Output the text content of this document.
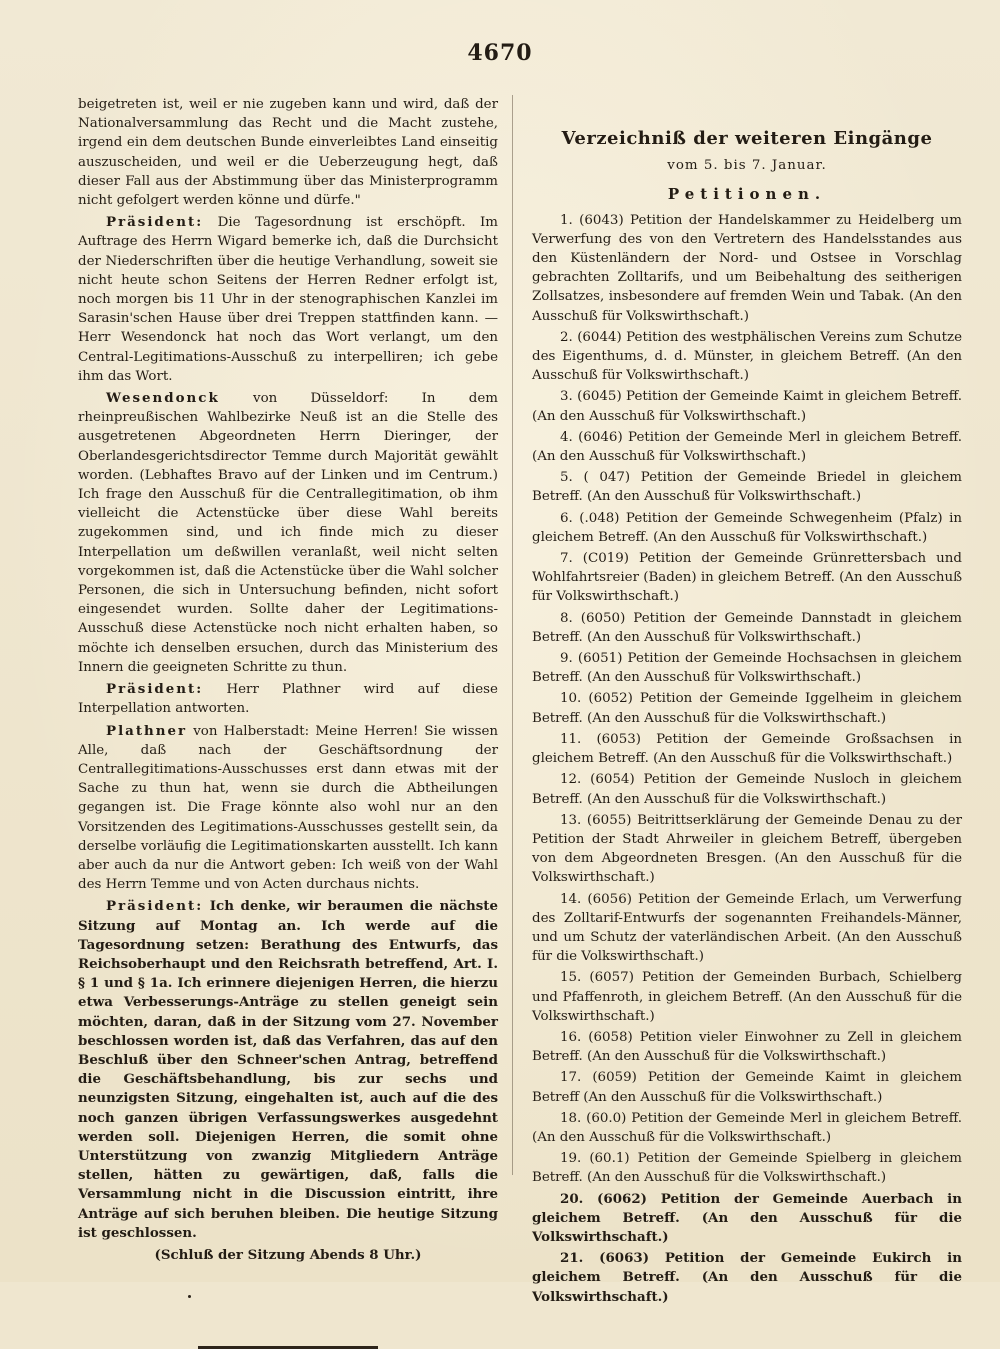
4670

beigetreten ist, weil er nie zugeben kann und wird, daß der Nationalversammlung das Recht und die Macht zustehe, irgend ein dem deutschen Bunde einverleibtes Land einseitig auszuscheiden, und weil er die Ueberzeugung hegt, daß dieser Fall aus der Abstimmung über das Ministerprogramm nicht gefolgert werden könne und dürfe."

Präsident: Die Tagesordnung ist erschöpft. Im Auftrage des Herrn Wigard bemerke ich, daß die Durchsicht der Niederschriften über die heutige Verhandlung, soweit sie nicht heute schon Seitens der Herren Redner erfolgt ist, noch morgen bis 11 Uhr in der stenographischen Kanzlei im Sarasin'schen Hause über drei Treppen stattfinden kann. — Herr Wesendonck hat noch das Wort verlangt, um den Central-Legitimations-Ausschuß zu interpelliren; ich gebe ihm das Wort.

Wesendonck von Düsseldorf: In dem rheinpreußischen Wahlbezirke Neuß ist an die Stelle des ausgetretenen Abgeordneten Herrn Dieringer, der Oberlandesgerichtsdirector Temme durch Majorität gewählt worden. (Lebhaftes Bravo auf der Linken und im Centrum.) Ich frage den Ausschuß für die Centrallegitimation, ob ihm vielleicht die Actenstücke über diese Wahl bereits zugekommen sind, und ich finde mich zu dieser Interpellation um deßwillen veranlaßt, weil nicht selten vorgekommen ist, daß die Actenstücke über die Wahl solcher Personen, die sich in Untersuchung befinden, nicht sofort eingesendet wurden. Sollte daher der Legitimations-Ausschuß diese Actenstücke noch nicht erhalten haben, so möchte ich denselben ersuchen, durch das Ministerium des Innern die geeigneten Schritte zu thun.

Präsident: Herr Plathner wird auf diese Interpellation antworten.

Plathner von Halberstadt: Meine Herren! Sie wissen Alle, daß nach der Geschäftsordnung der Centrallegitimations-Ausschusses erst dann etwas mit der Sache zu thun hat, wenn sie durch die Abtheilungen gegangen ist. Die Frage könnte also wohl nur an den Vorsitzenden des Legitimations-Ausschusses gestellt sein, da derselbe vorläufig die Legitimationskarten ausstellt. Ich kann aber auch da nur die Antwort geben: Ich weiß von der Wahl des Herrn Temme und von Acten durchaus nichts.

Präsident: Ich denke, wir beraumen die nächste Sitzung auf Montag an. Ich werde auf die Tagesordnung setzen: Berathung des Entwurfs, das Reichsoberhaupt und den Reichsrath betreffend, Art. I. § 1 und § 1a. Ich erinnere diejenigen Herren, die hierzu etwa Verbesserungs-Anträge zu stellen geneigt sein möchten, daran, daß in der Sitzung vom 27. November beschlossen worden ist, daß das Verfahren, das auf den Beschluß über den Schneer'schen Antrag, betreffend die Geschäftsbehandlung, bis zur sechs und neunzigsten Sitzung, eingehalten ist, auch auf die des noch ganzen übrigen Verfassungswerkes ausgedehnt werden soll. Diejenigen Herren, die somit ohne Unterstützung von zwanzig Mitgliedern Anträge stellen, hätten zu gewärtigen, daß, falls die Versammlung nicht in die Discussion eintritt, ihre Anträge auf sich beruhen bleiben. Die heutige Sitzung ist geschlossen.

(Schluß der Sitzung Abends 8 Uhr.)

Verzeichniß der weiteren Eingänge
vom 5. bis 7. Januar.
Petitionen.

1. (6043) Petition der Handelskammer zu Heidelberg um Verwerfung des von den Vertretern des Handelsstandes aus den Küstenländern der Nord- und Ostsee in Vorschlag gebrachten Zolltarifs, und um Beibehaltung des seitherigen Zollsatzes, insbesondere auf fremden Wein und Tabak. (An den Ausschuß für Volkswirthschaft.)

2. (6044) Petition des westphälischen Vereins zum Schutze des Eigenthums, d. d. Münster, in gleichem Betreff. (An den Ausschuß für Volkswirthschaft.)

3. (6045) Petition der Gemeinde Kaimt in gleichem Betreff. (An den Ausschuß für Volkswirthschaft.)

4. (6046) Petition der Gemeinde Merl in gleichem Betreff. (An den Ausschuß für Volkswirthschaft.)

5. ( 047) Petition der Gemeinde Briedel in gleichem Betreff. (An den Ausschuß für Volkswirthschaft.)

6. (.048) Petition der Gemeinde Schwegenheim (Pfalz) in gleichem Betreff. (An den Ausschuß für Volkswirthschaft.)

7. (C019) Petition der Gemeinde Grünrettersbach und Wohlfahrtsreier (Baden) in gleichem Betreff. (An den Ausschuß für Volkswirthschaft.)

8. (6050) Petition der Gemeinde Dannstadt in gleichem Betreff. (An den Ausschuß für Volkswirthschaft.)

9. (6051) Petition der Gemeinde Hochsachsen in gleichem Betreff. (An den Ausschuß für Volkswirthschaft.)

10. (6052) Petition der Gemeinde Iggelheim in gleichem Betreff. (An den Ausschuß für die Volkswirthschaft.)

11. (6053) Petition der Gemeinde Großsachsen in gleichem Betreff. (An den Ausschuß für die Volkswirthschaft.)

12. (6054) Petition der Gemeinde Nusloch in gleichem Betreff. (An den Ausschuß für die Volkswirthschaft.)

13. (6055) Beitrittserklärung der Gemeinde Denau zu der Petition der Stadt Ahrweiler in gleichem Betreff, übergeben von dem Abgeordneten Bresgen. (An den Ausschuß für die Volkswirthschaft.)

14. (6056) Petition der Gemeinde Erlach, um Verwerfung des Zolltarif-Entwurfs der sogenannten Freihandels-Männer, und um Schutz der vaterländischen Arbeit. (An den Ausschuß für die Volkswirthschaft.)

15. (6057) Petition der Gemeinden Burbach, Schielberg und Pfaffenroth, in gleichem Betreff. (An den Ausschuß für die Volkswirthschaft.)

16. (6058) Petition vieler Einwohner zu Zell in gleichem Betreff. (An den Ausschuß für die Volkswirthschaft.)

17. (6059) Petition der Gemeinde Kaimt in gleichem Betreff (An den Ausschuß für die Volkswirthschaft.)

18. (60.0) Petition der Gemeinde Merl in gleichem Betreff. (An den Ausschuß für die Volkswirthschaft.)

19. (60.1) Petition der Gemeinde Spielberg in gleichem Betreff. (An den Ausschuß für die Volkswirthschaft.)

20. (6062) Petition der Gemeinde Auerbach in gleichem Betreff. (An den Ausschuß für die Volkswirthschaft.)

21. (6063) Petition der Gemeinde Eukirch in gleichem Betreff. (An den Ausschuß für die Volkswirthschaft.)
